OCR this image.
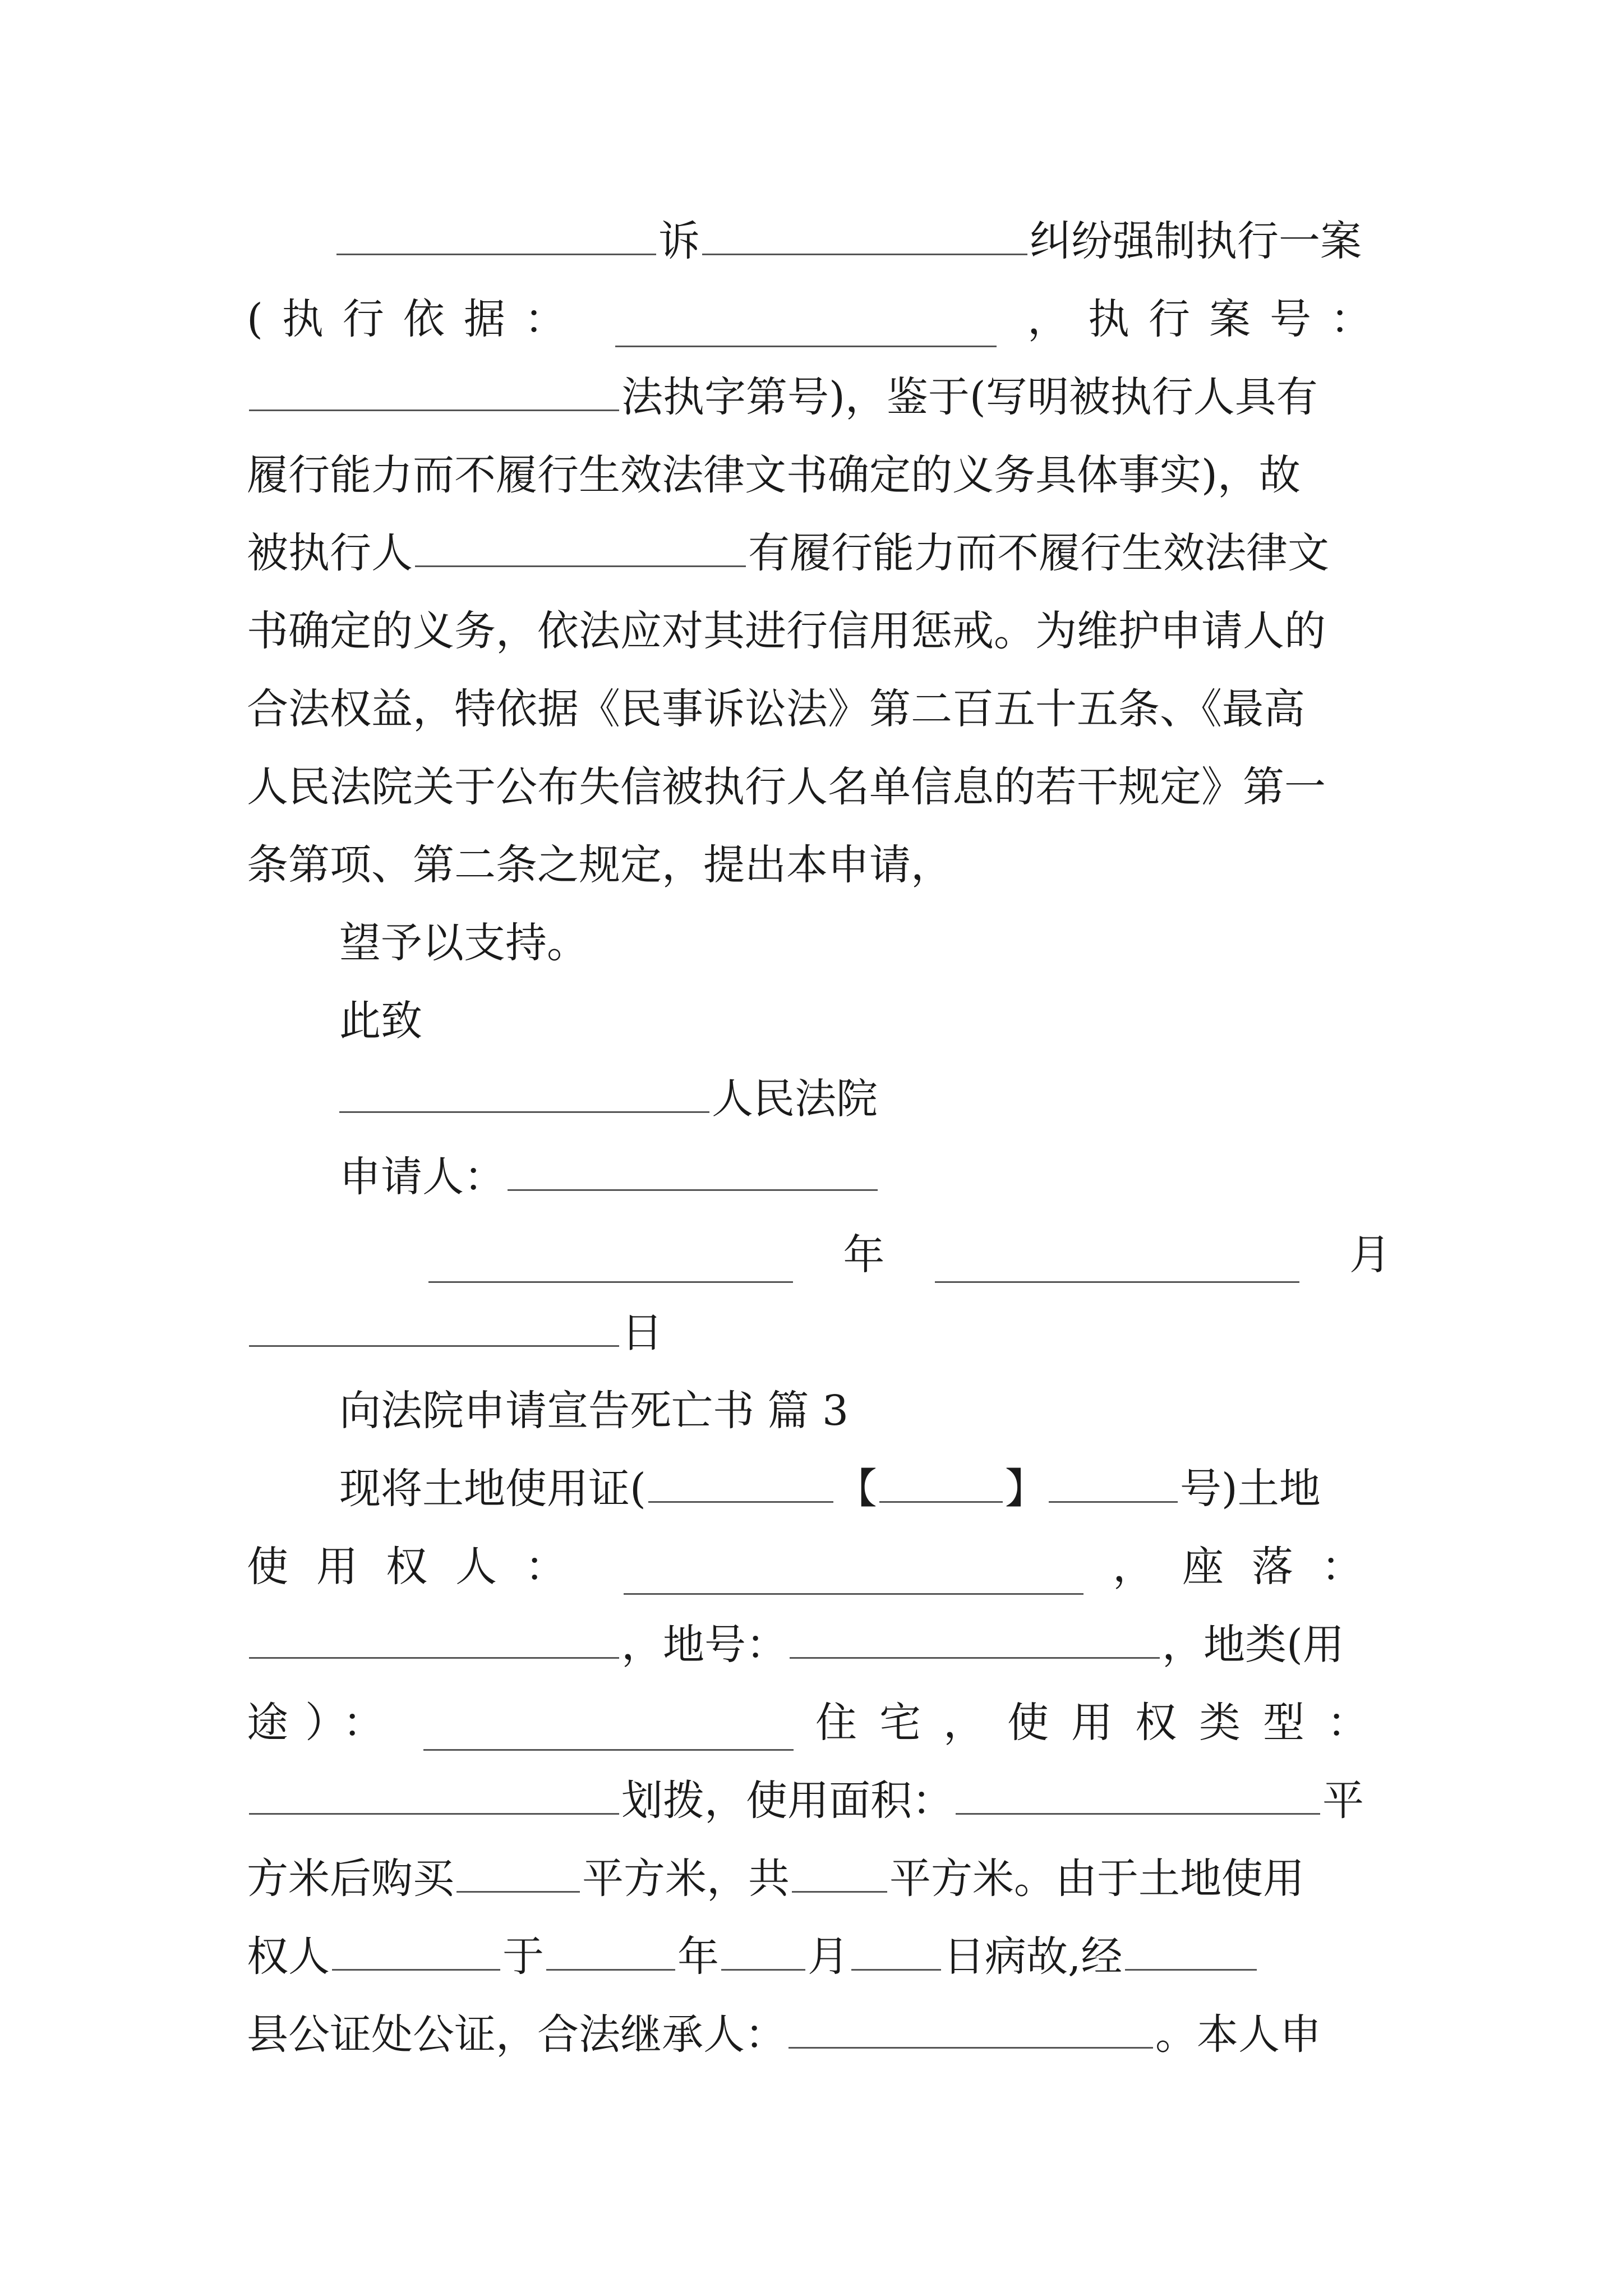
诉	纠纷强制执行一案
(执行依据：	，执行案号：
法执字第号)，鉴于(写明被执行人具有
履行能力而不履行生效法律文书确定的义务具体事实)，故
被执行人	有履行能力而不履行生效法律文
书确定的义务，依法应对其进行信用惩戒。为维护申请人的
合法权益，特依据《民事诉讼法》第二百五十五条、《最高
人民法院关于公布失信被执行人名单信息的若干规定》第一
条第项、第二条之规定，提出本申请，
望予以支持。
此致
人民法院
申请人：
年	月
日
向法院申请宣告死亡书 篇 3
现将土地使用证(	【	】	号)土地
使用权人：	，座落：
，地号：	，地类(用
途）：	住宅，使用权类型：
划拨，使用面积：	平
方米后购买	平方米，共 平方米。由于土地使用
权人	于	年 月 日病故,经
县公证处公证，合法继承人：	。本人申
